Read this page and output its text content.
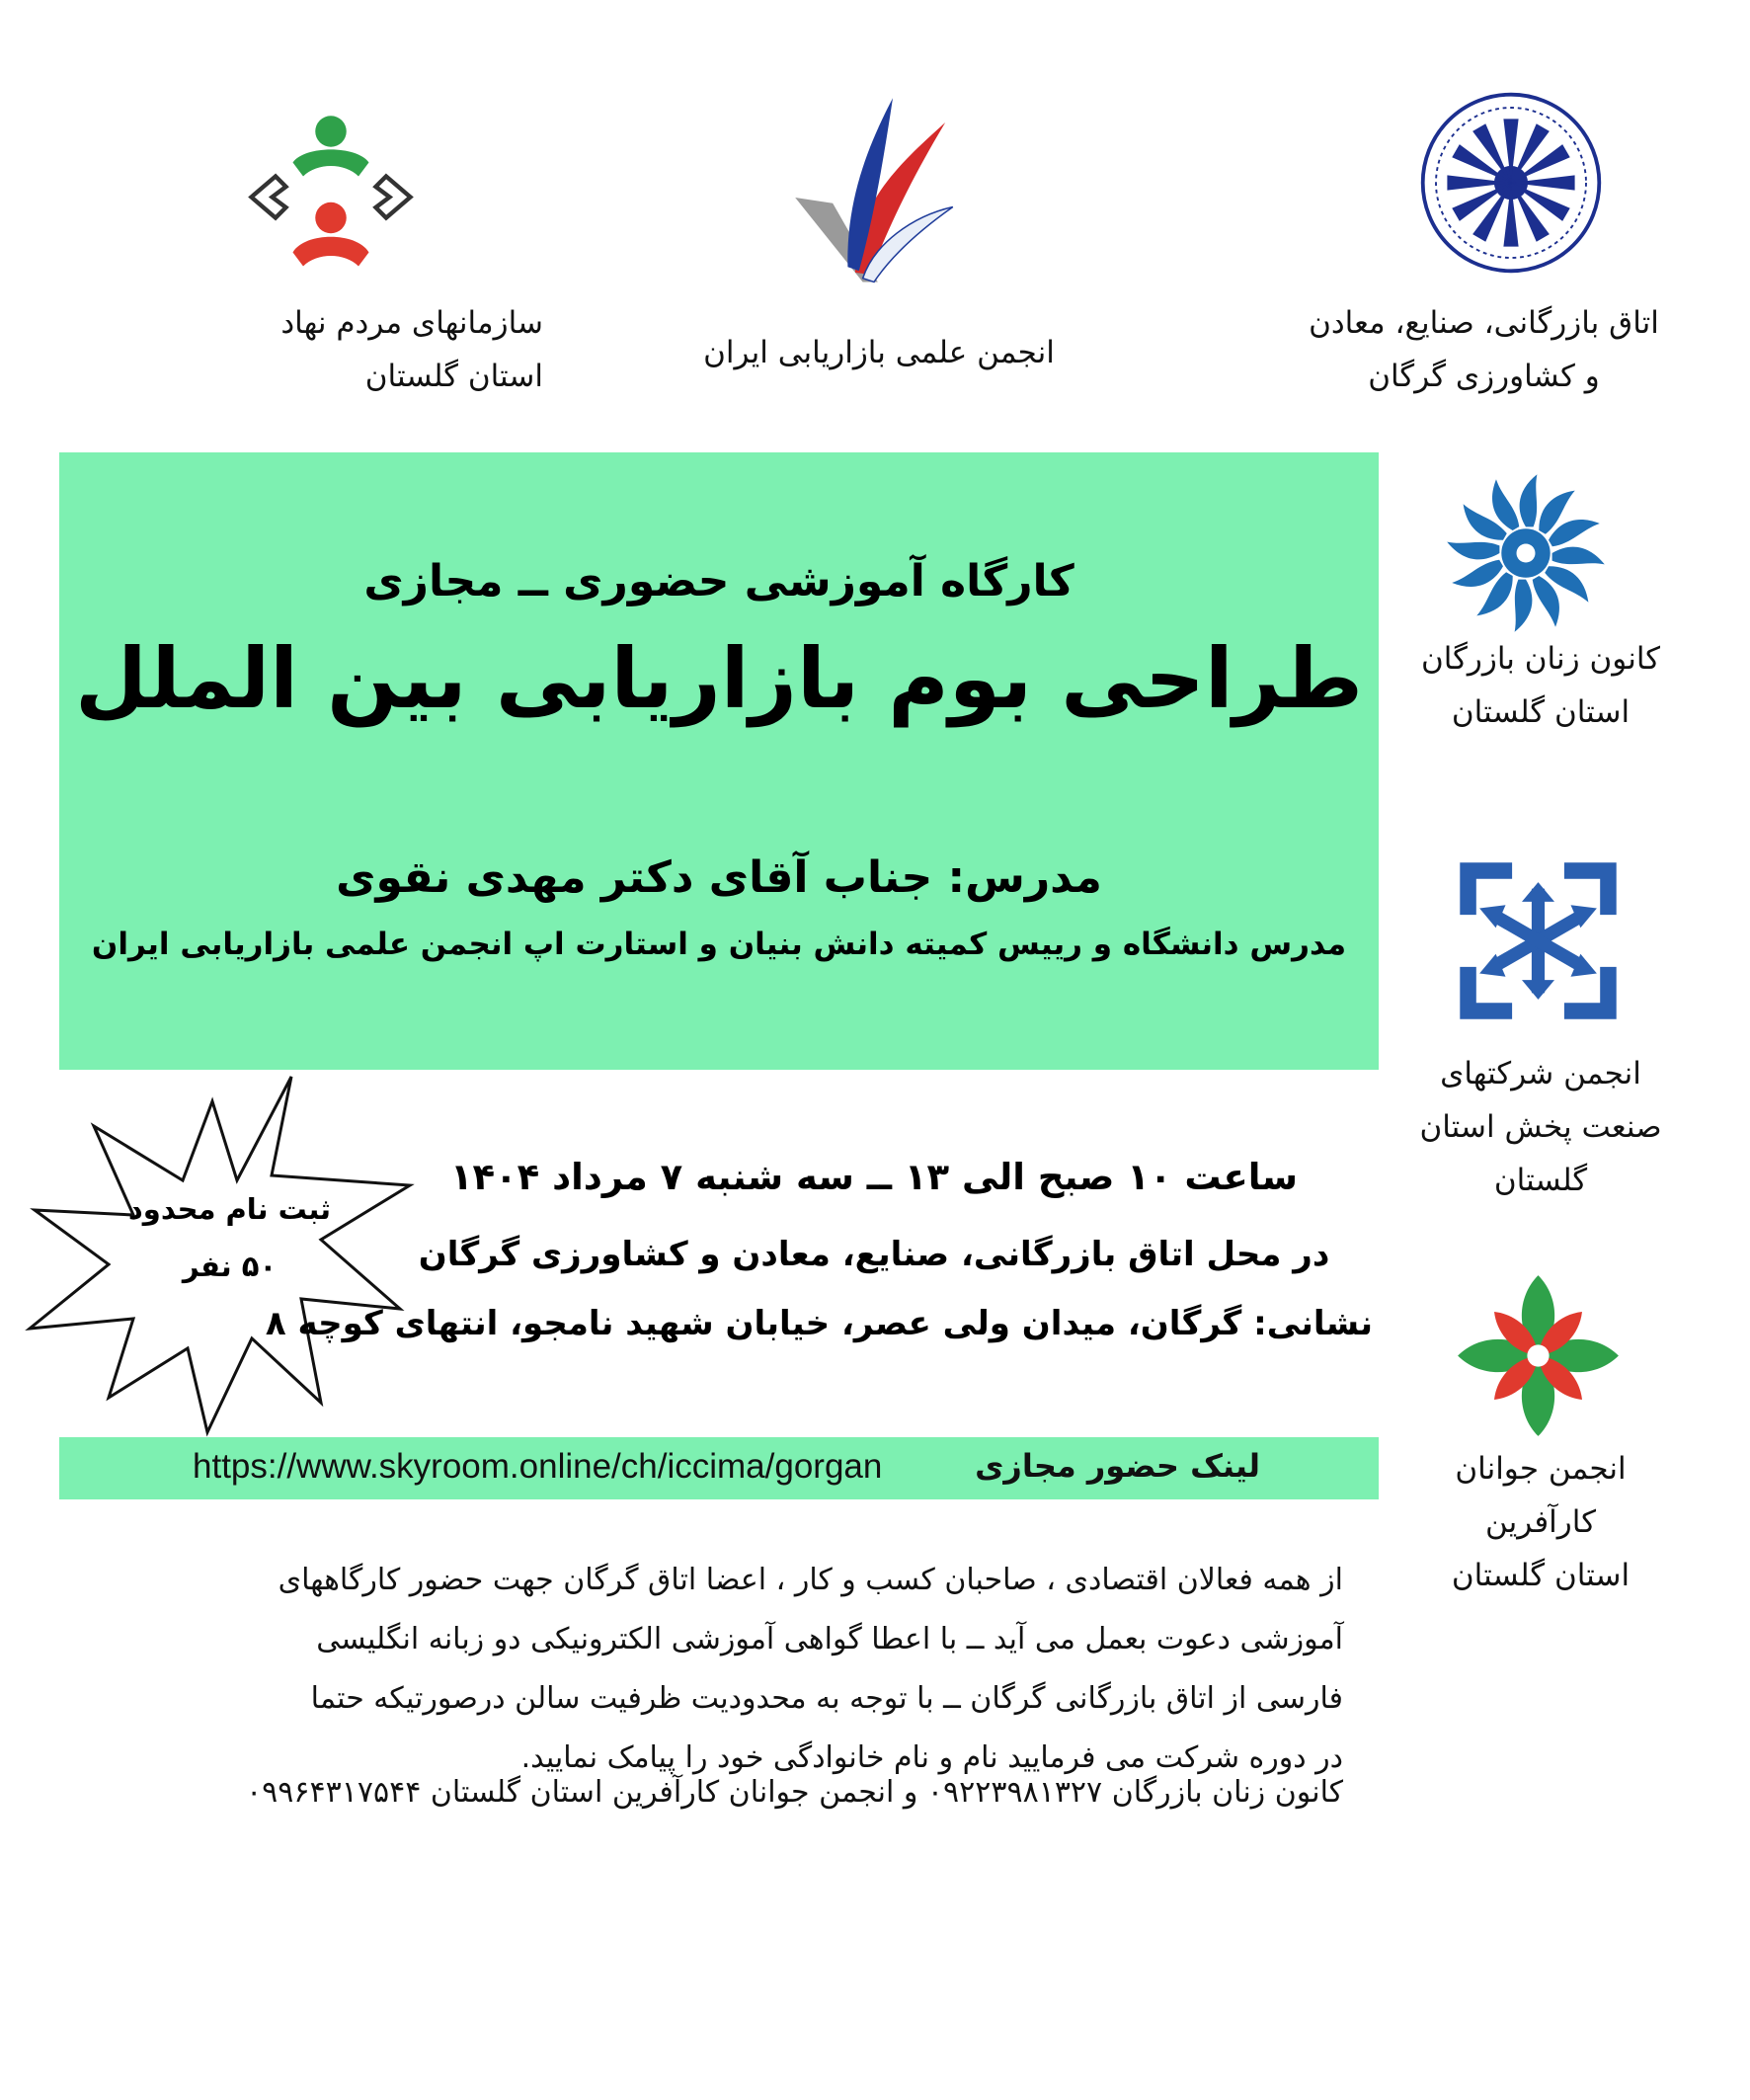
اتاق بازرگانی، صنایع، معادن
و کشاورزی گرگان
انجمن علمی بازاریابی ایران
سازمانهای مردم نهاد
استان گلستان
کانون زنان بازرگان
استان گلستان
انجمن شرکتهای
صنعت پخش استان
گلستان
انجمن جوانان
کارآفرین
استان گلستان
کارگاه آموزشی حضوری ــ مجازی
طراحی بوم بازاریابی بین الملل
مدرس: جناب آقای دکتر مهدی نقوی
مدرس دانشگاه و رییس کمیته دانش بنیان و استارت اپ انجمن علمی بازاریابی ایران
ثبت نام محدود
۵۰ نفر
ساعت ۱۰ صبح الی ۱۳ ــ سه شنبه ۷ مرداد ۱۴۰۴
در محل اتاق بازرگانی، صنایع، معادن و کشاورزی گرگان
نشانی: گرگان، میدان ولی عصر، خیابان شهید نامجو، انتهای کوچه ۸
لینک حضور مجازی
https://www.skyroom.online/ch/iccima/gorgan
از همه فعالان اقتصادی ، صاحبان کسب و کار ، اعضا اتاق گرگان جهت حضور کارگاههای
آموزشی دعوت بعمل می آید ــ با اعطا گواهی آموزشی الکترونیکی دو زبانه انگلیسی
فارسی از اتاق بازرگانی گرگان ــ با توجه به محدودیت ظرفیت سالن درصورتیکه حتما
در دوره شرکت می فرمایید نام و نام خانوادگی خود را پیامک نمایید.
کانون زنان بازرگان ۰۹۲۲۳۹۸۱۳۲۷ و انجمن جوانان کارآفرین استان گلستان ۰۹۹۶۴۳۱۷۵۴۴
